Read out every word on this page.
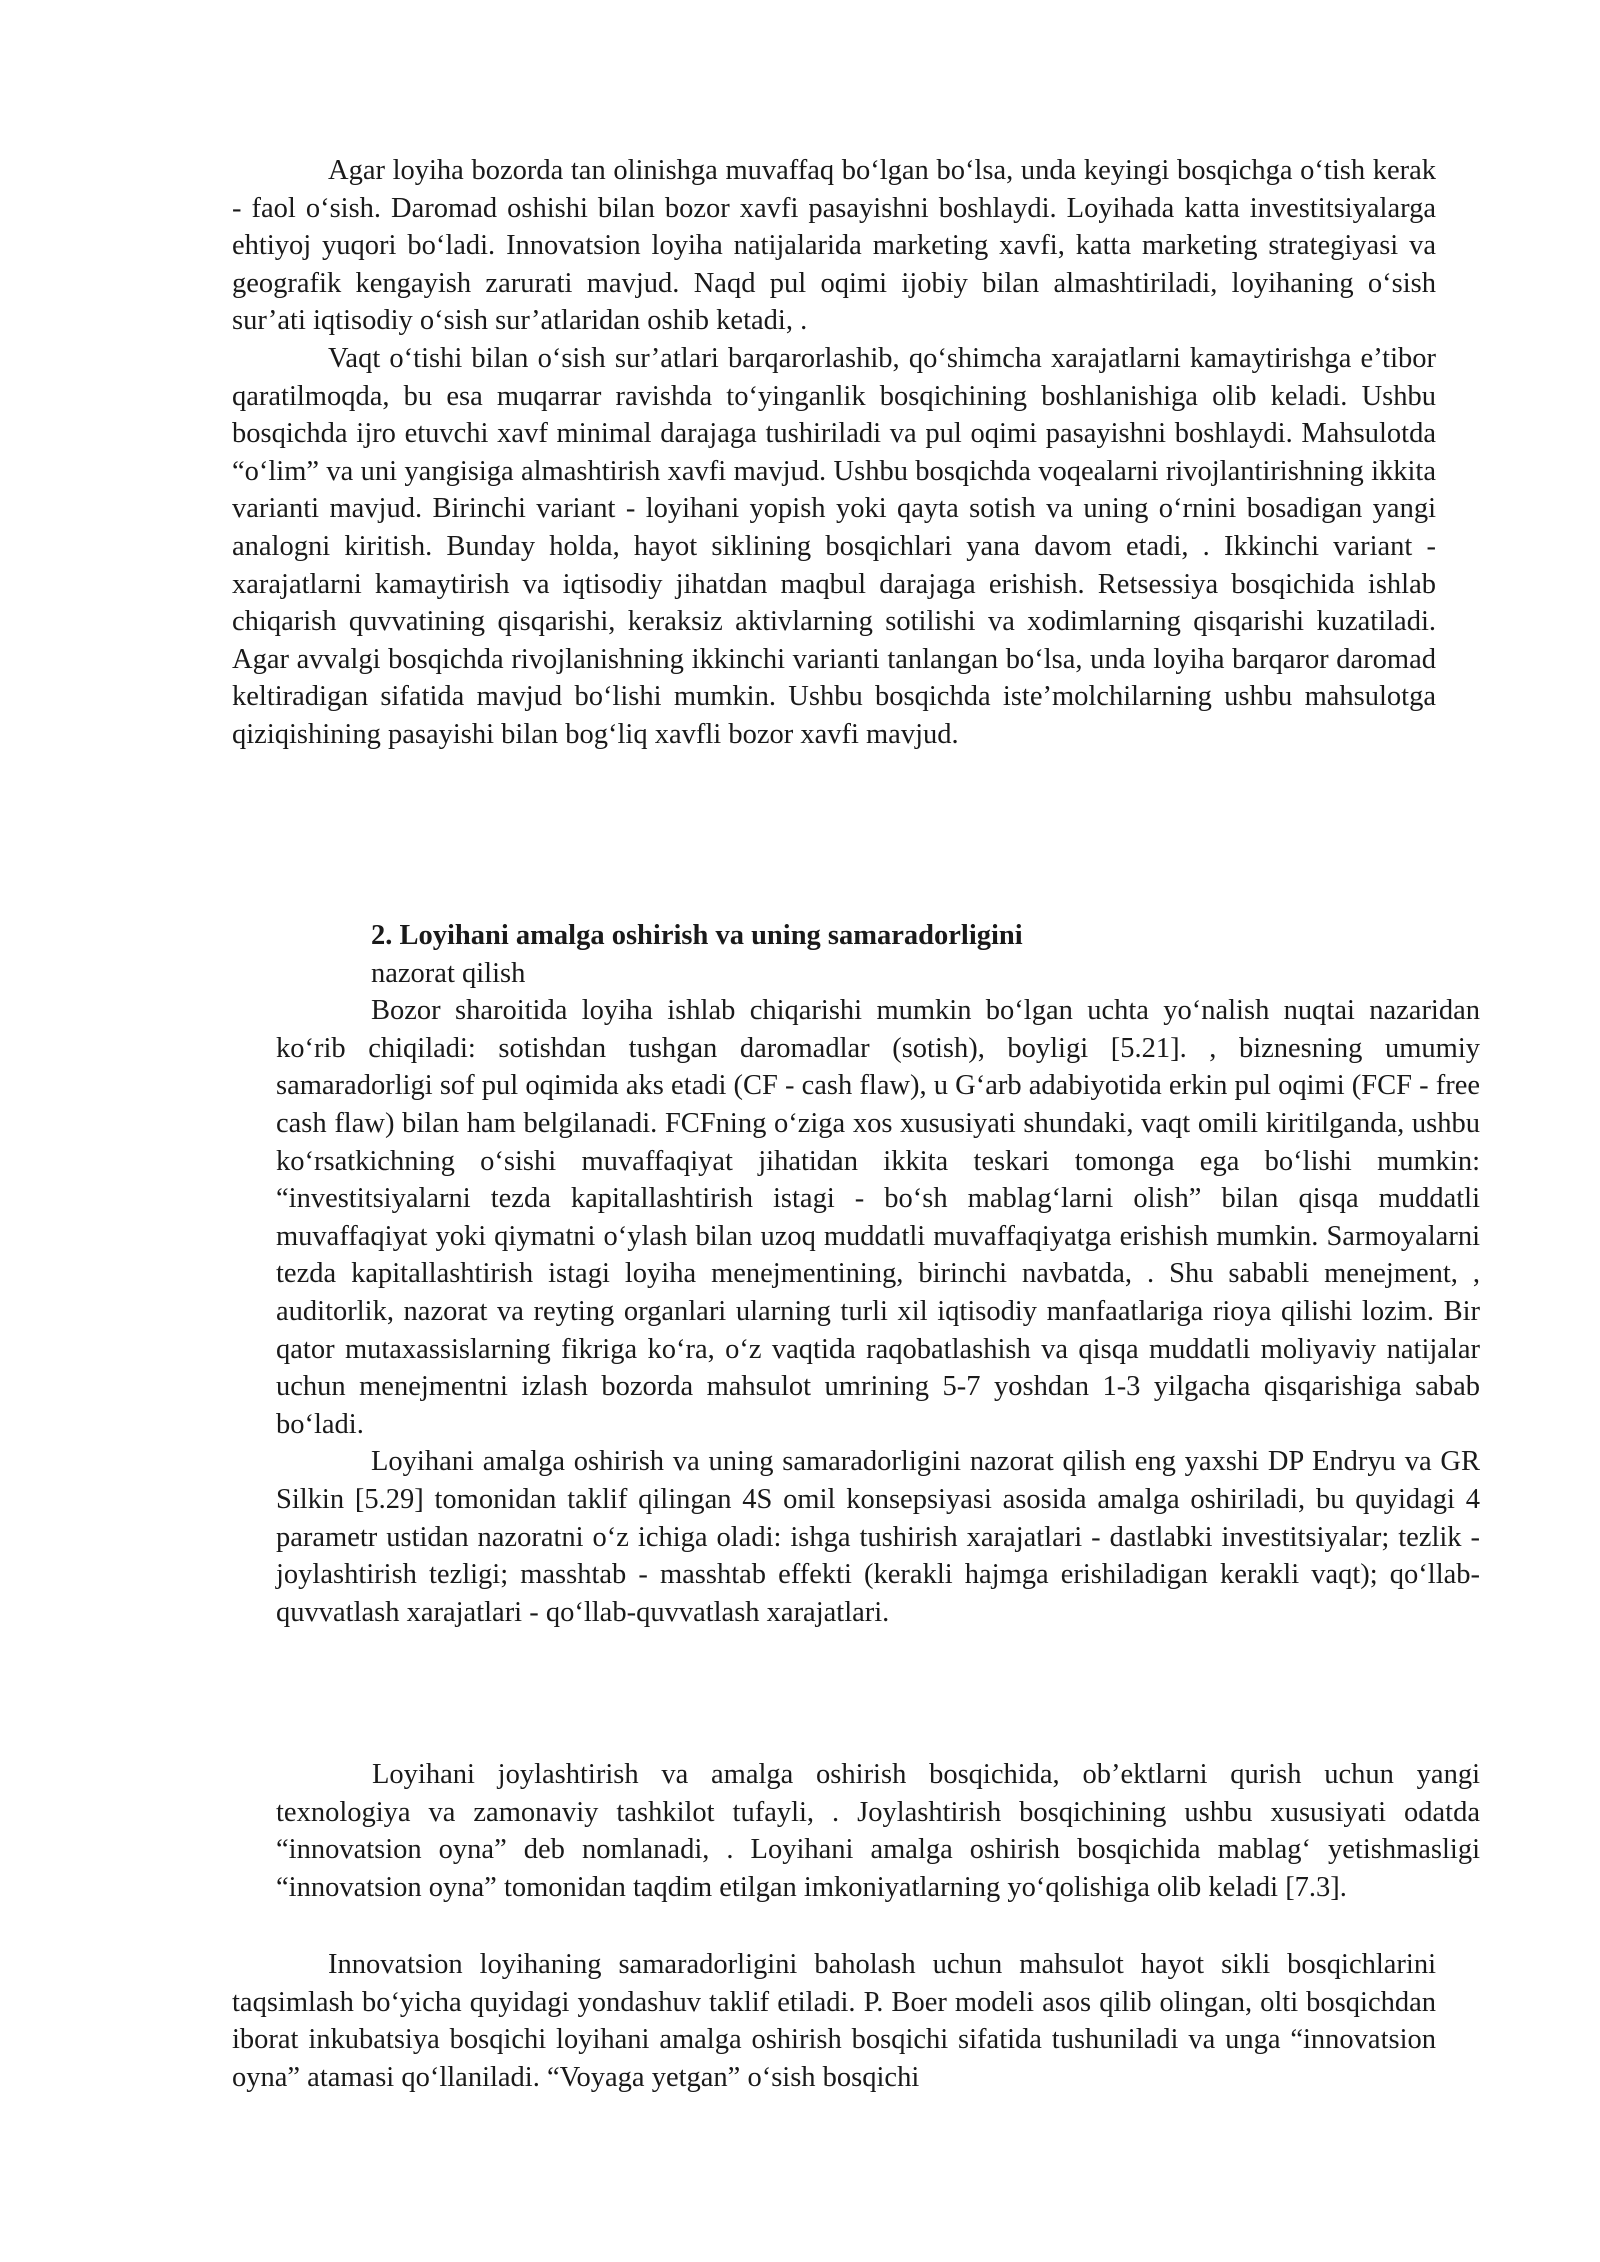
Agar loyiha bozorda tan olinishga muvaffaq bo‘lgan bo‘lsa, unda keyingi bosqichga o‘tish kerak - faol o‘sish. Daromad oshishi bilan bozor xavfi pasayishni boshlaydi. Loyihada katta investitsiyalarga ehtiyoj yuqori bo‘ladi. Innovatsion loyiha natijalarida marketing xavfi, katta marketing strategiyasi va geografik kengayish zarurati mavjud. Naqd pul oqimi ijobiy bilan almashtiriladi, loyihaning o‘sish sur’ati iqtisodiy o‘sish sur’atlaridan oshib ketadi, .

Vaqt o‘tishi bilan o‘sish sur’atlari barqarorlashib, qo‘shimcha xarajatlarni kamaytirishga e’tibor qaratilmoqda, bu esa muqarrar ravishda to‘yinganlik bosqichining boshlanishiga olib keladi. Ushbu bosqichda ijro etuvchi xavf minimal darajaga tushiriladi va pul oqimi pasayishni boshlaydi. Mahsulotda “o‘lim” va uni yangisiga almashtirish xavfi mavjud. Ushbu bosqichda voqealarni rivojlantirishning ikkita varianti mavjud. Birinchi variant - loyihani yopish yoki qayta sotish va uning o‘rnini bosadigan yangi analogni kiritish. Bunday holda, hayot siklining bosqichlari yana davom etadi, . Ikkinchi variant - xarajatlarni kamaytirish va iqtisodiy jihatdan maqbul darajaga erishish. Retsessiya bosqichida ishlab chiqarish quvvatining qisqarishi, keraksiz aktivlarning sotilishi va xodimlarning qisqarishi kuzatiladi. Agar avvalgi bosqichda rivojlanishning ikkinchi varianti tanlangan bo‘lsa, unda loyiha barqaror daromad keltiradigan sifatida mavjud bo‘lishi mumkin. Ushbu bosqichda iste’molchilarning ushbu mahsulotga qiziqishining pasayishi bilan bog‘liq xavfli bozor xavfi mavjud.

2. Loyihani amalga oshirish va uning samaradorligini

nazorat qilish

Bozor sharoitida loyiha ishlab chiqarishi mumkin bo‘lgan uchta yo‘nalish nuqtai nazaridan ko‘rib chiqiladi: sotishdan tushgan daromadlar (sotish), boyligi [5.21]. , biznesning umumiy samaradorligi sof pul oqimida aks etadi (CF - cash flaw), u G‘arb adabiyotida erkin pul oqimi (FCF - free cash flaw) bilan ham belgilanadi. FCFning o‘ziga xos xususiyati shundaki, vaqt omili kiritilganda, ushbu ko‘rsatkichning o‘sishi muvaffaqiyat jihatidan ikkita teskari tomonga ega bo‘lishi mumkin: “investitsiyalarni tezda kapitallashtirish istagi - bo‘sh mablag‘larni olish” bilan qisqa muddatli muvaffaqiyat yoki qiymatni o‘ylash bilan uzoq muddatli muvaffaqiyatga erishish mumkin. Sarmoyalarni tezda kapitallashtirish istagi loyiha menejmentining, birinchi navbatda, . Shu sababli menejment, , auditorlik, nazorat va reyting organlari ularning turli xil iqtisodiy manfaatlariga rioya qilishi lozim. Bir qator mutaxassislarning fikriga ko‘ra, o‘z vaqtida raqobatlashish va qisqa muddatli moliyaviy natijalar uchun menejmentni izlash bozorda mahsulot umrining 5-7 yoshdan 1-3 yilgacha qisqarishiga sabab bo‘ladi.

Loyihani amalga oshirish va uning samaradorligini nazorat qilish eng yaxshi DP Endryu va GR Silkin [5.29] tomonidan taklif qilingan 4S omil konsepsiyasi asosida amalga oshiriladi, bu quyidagi 4 parametr ustidan nazoratni o‘z ichiga oladi: ishga tushirish xarajatlari - dastlabki investitsiyalar; tezlik - joylashtirish tezligi; masshtab - masshtab effekti (kerakli hajmga erishiladigan kerakli vaqt); qo‘llab-quvvatlash xarajatlari - qo‘llab-quvvatlash xarajatlari.

Loyihani joylashtirish va amalga oshirish bosqichida, ob’ektlarni qurish uchun yangi texnologiya va zamonaviy tashkilot tufayli, . Joylashtirish bosqichining ushbu xususiyati odatda “innovatsion oyna” deb nomlanadi, . Loyihani amalga oshirish bosqichida mablag‘ yetishmasligi “innovatsion oyna” tomonidan taqdim etilgan imkoniyatlarning yo‘qolishiga olib keladi [7.3].

Innovatsion loyihaning samaradorligini baholash uchun mahsulot hayot sikli bosqichlarini taqsimlash bo‘yicha quyidagi yondashuv taklif etiladi. P. Boer modeli asos qilib olingan, olti bosqichdan iborat inkubatsiya bosqichi loyihani amalga oshirish bosqichi sifatida tushuniladi va unga “innovatsion oyna” atamasi qo‘llaniladi. “Voyaga yetgan” o‘sish bosqichi
